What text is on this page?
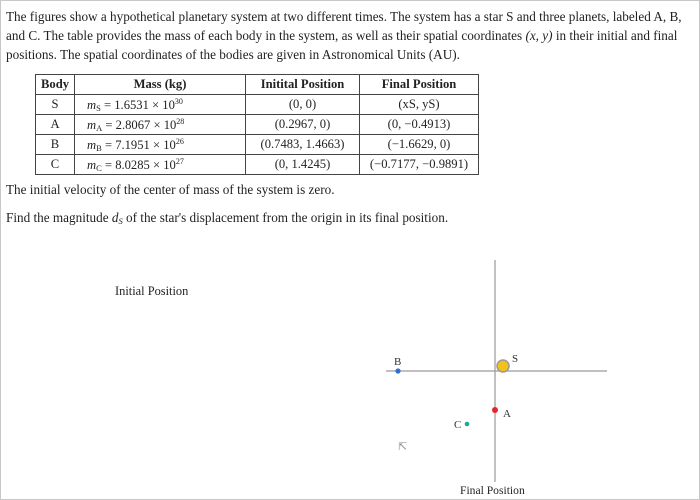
The figures show a hypothetical planetary system at two different times. The system has a star S and three planets, labeled A, B,
and C. The table provides the mass of each body in the system, as well as their spatial coordinates (x, y) in their initial and final
positions. The spatial coordinates of the bodies are given in Astronomical Units (AU).
Body	Mass (kg)	Initital Position	Final Position
S	$m_S = 1.6531 \times 10^{30}$	(0, 0)	(xS, yS)
A	$m_A = 2.8067 \times 10^{28}$	(0.2967, 0)	(0, −0.4913)
B	$m_B = 7.1951 \times 10^{26}$	(0.7483, 1.4663)	(−1.6629, 0)
C	$m_C = 8.0285 \times 10^{27}$	(0, 1.4245)	(−0.7177, −0.9891)
The initial velocity of the center of mass of the system is zero.
Find the magnitude $d_S$ of the star's displacement from the origin in its final position.
Initial Position
B	S
A
C
⇱
Final Position
